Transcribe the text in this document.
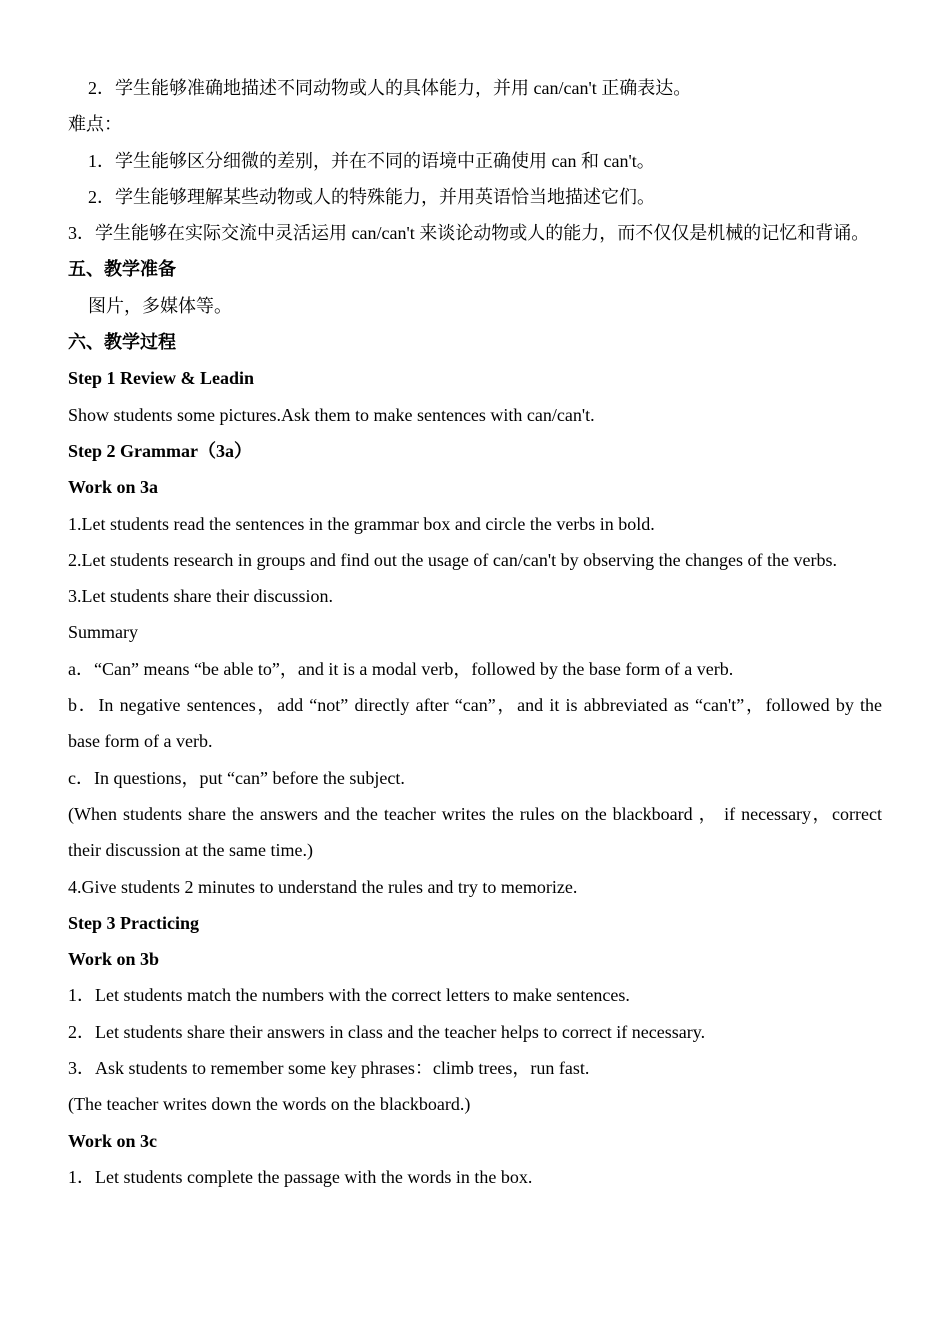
2．学生能够准确地描述不同动物或人的具体能力，并用 can/can't 正确表达。

难点：

1．学生能够区分细微的差别，并在不同的语境中正确使用 can 和 can't。

2．学生能够理解某些动物或人的特殊能力，并用英语恰当地描述它们。

3．学生能够在实际交流中灵活运用 can/can't 来谈论动物或人的能力，而不仅仅是机械的记忆和背诵。

五、教学准备

图片，多媒体等。

六、教学过程

Step 1 Review & Leadin

Show students some pictures.Ask them to make sentences with can/can't.

Step 2 Grammar（3a）

Work on 3a

1.Let students read the sentences in the grammar box and circle the verbs in bold.

2.Let students research in groups and find out the usage of can/can't by observing the changes of the verbs.

3.Let students share their discussion.

Summary

a．“Can” means “be able to”，and it is a modal verb，followed by the base form of a verb.

b．In negative sentences，add “not” directly after “can”，and it is abbreviated as “can't”，followed by the base form of a verb.

c．In questions，put “can” before the subject.

(When students share the answers and the teacher writes the rules on the blackboard ， if necessary，correct their discussion at the same time.)

4.Give students 2 minutes to understand the rules and try to memorize.

Step 3 Practicing

Work on 3b

1．Let students match the numbers with the correct letters to make sentences.

2．Let students share their answers in class and the teacher helps to correct if necessary.

3．Ask students to remember some key phrases：climb trees，run fast.

(The teacher writes down the words on the blackboard.)

Work on 3c

1．Let students complete the passage with the words in the box.
